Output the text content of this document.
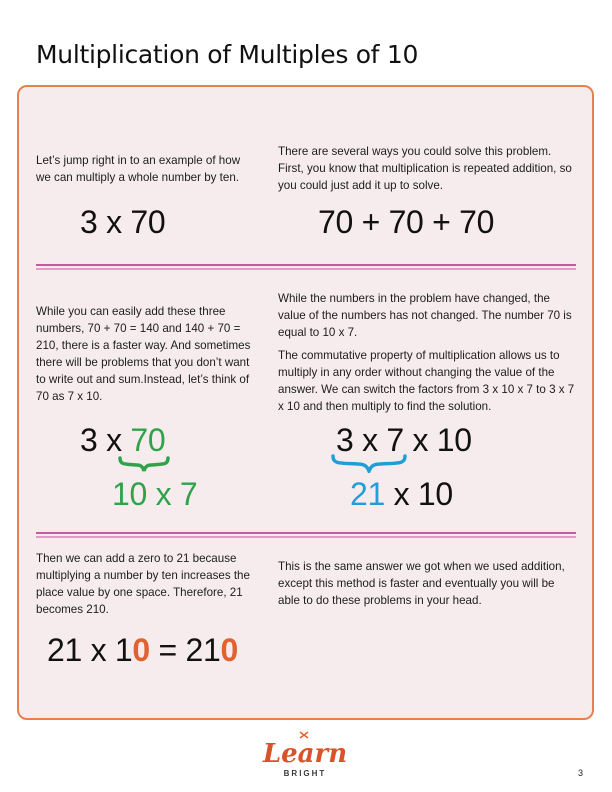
Multiplication of Multiples of 10
Let’s jump right in to an example of how we can multiply a whole number by ten.
3 x 70
There are several ways you could solve this problem. First, you know that multiplication is repeated addition, so you could just add it up to solve.
70 + 70 + 70
While you can easily add these three numbers, 70 + 70 = 140 and 140 + 70 = 210, there is a faster way. And sometimes there will be problems that you don’t want to write out and sum.Instead, let’s think of 70 as 7 x 10.
3 x 70
10 x 7

While the numbers in the problem have changed, the value of the numbers has not changed. The number 70 is equal to 10 x 7.

The commutative property of multiplication allows us to multiply in any order without changing the value of the answer. We can switch the factors from 3 x 10 x 7 to 3 x 7 x 10 and then multiply to find the solution.

3 x 7 x 10
21 x 10
Then we can add a zero to 21 because multiplying a number by ten increases the place value by one space. Therefore, 21 becomes 210.
21 x 10 = 210
This is the same answer we got when we used addition, except this method is faster and eventually you will be able to do these problems in your head.
Learn
BRIGHT	3
